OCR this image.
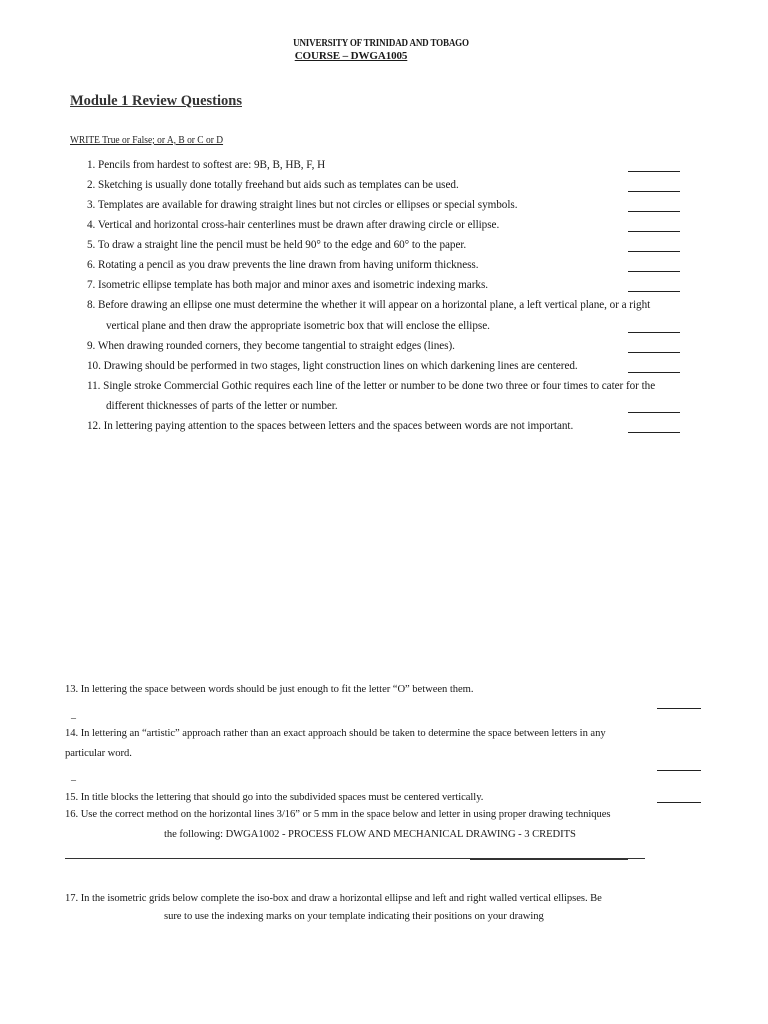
UNIVERSITY OF TRINIDAD AND TOBAGO
COURSE – DWGA1005
Module 1 Review Questions
WRITE True or False; or A, B or C or D
1. Pencils from hardest to softest are: 9B, B, HB, F, H
2. Sketching is usually done totally freehand but aids such as templates can be used.
3. Templates are available for drawing straight lines but not circles or ellipses or special symbols.
4. Vertical and horizontal cross-hair centerlines must be drawn after drawing circle or ellipse.
5. To draw a straight line the pencil must be held 90° to the edge and 60° to the paper.
6. Rotating a pencil as you draw prevents the line drawn from having uniform thickness.
7. Isometric ellipse template has both major and minor axes and isometric indexing marks.
8. Before drawing an ellipse one must determine the whether it will appear on a horizontal plane, a left vertical plane, or a right
vertical plane and then draw the appropriate isometric box that will enclose the ellipse.
9. When drawing rounded corners, they become tangential to straight edges (lines).
10. Drawing should be performed in two stages, light construction lines on which darkening lines are centered.
11. Single stroke Commercial Gothic requires each line of the letter or number to be done two three or four times to cater for the
different thicknesses of parts of the letter or number.
12. In lettering paying attention to the spaces between letters and the spaces between words are not important.
13. In lettering the space between words should be just enough to fit the letter “O” between them.
–
14. In lettering an “artistic” approach rather than an exact approach should be taken to determine the space between letters in any
particular word.
–
15. In title blocks the lettering that should go into the subdivided spaces must be centered vertically.
16. Use the correct method on the horizontal lines 3/16” or 5 mm in the space below and letter in using proper drawing techniques
the following: DWGA1002 - PROCESS FLOW AND MECHANICAL DRAWING - 3 CREDITS
17. In the isometric grids below complete the iso-box and draw a horizontal ellipse and left and right walled vertical ellipses. Be
sure to use the indexing marks on your template indicating their positions on your drawing
